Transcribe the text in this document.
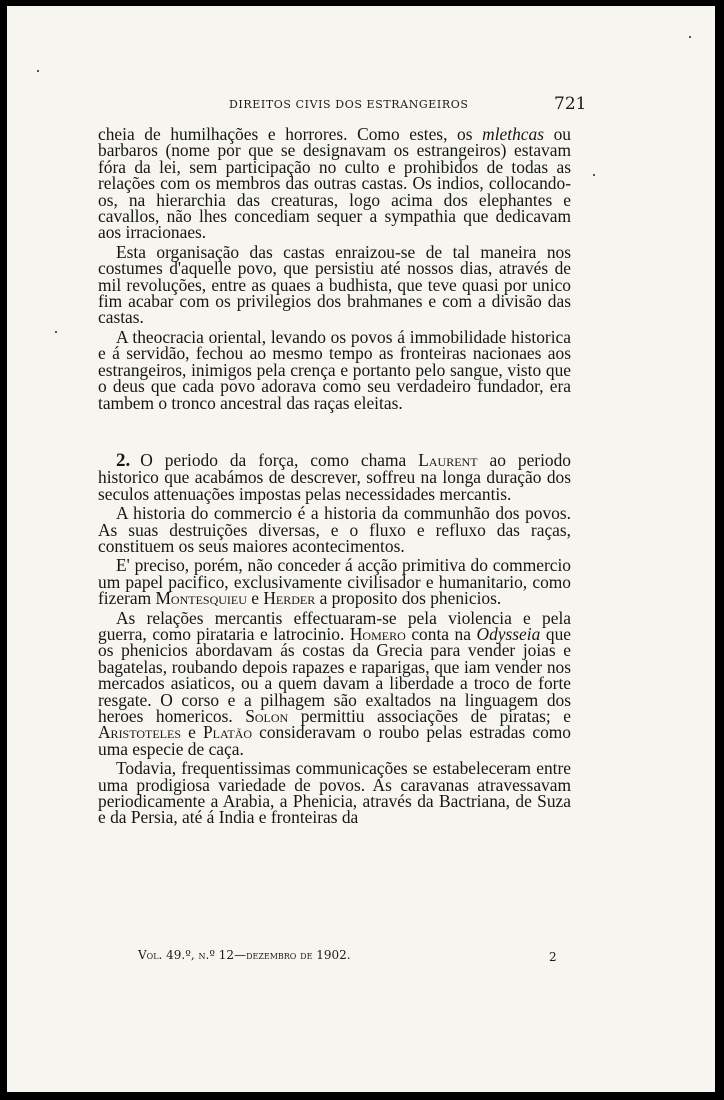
DIREITOS CIVIS DOS ESTRANGEIROS	721

cheia de humilhações e horrores. Como estes, os mlethcas ou barbaros (nome por que se designavam os estrangeiros) estavam fóra da lei, sem participação no culto e prohibidos de todas as relações com os membros das outras castas. Os indios, collocando-os, na hierarchia das creaturas, logo acima dos elephantes e cavallos, não lhes concediam sequer a sympathia que dedicavam aos irracionaes.

Esta organisação das castas enraizou-se de tal maneira nos costumes d'aquelle povo, que persistiu até nossos dias, através de mil revoluções, entre as quaes a budhista, que teve quasi por unico fim acabar com os privilegios dos brahmanes e com a divisão das castas.

A theocracia oriental, levando os povos á immobilidade historica e á servidão, fechou ao mesmo tempo as fronteiras nacionaes aos estrangeiros, inimigos pela crença e portanto pelo sangue, visto que o deus que cada povo adorava como seu verdadeiro fundador, era tambem o tronco ancestral das raças eleitas.

2. O periodo da força, como chama Laurent ao periodo historico que acabámos de descrever, soffreu na longa duração dos seculos attenuações impostas pelas necessidades mercantis.

A historia do commercio é a historia da communhão dos povos. As suas destruições diversas, e o fluxo e refluxo das raças, constituem os seus maiores acontecimentos.

E' preciso, porém, não conceder á acção primitiva do commercio um papel pacifico, exclusivamente civilisador e humanitario, como fizeram Montesquieu e Herder a proposito dos phenicios.

As relações mercantis effectuaram-se pela violencia e pela guerra, como pirataria e latrocinio. Homero conta na Odysseia que os phenicios abordavam ás costas da Grecia para vender joias e bagatelas, roubando depois rapazes e raparigas, que iam vender nos mercados asiaticos, ou a quem davam a liberdade a troco de forte resgate. O corso e a pilhagem são exaltados na linguagem dos heroes homericos. Solon permittiu associações de piratas; e Aristoteles e Platão consideravam o roubo pelas estradas como uma especie de caça.

Todavia, frequentissimas communicações se estabeleceram entre uma prodigiosa variedade de povos. As caravanas atravessavam periodicamente a Arabia, a Phenicia, através da Bactriana, de Suza e da Persia, até á India e fronteiras da

Vol. 49.º, n.º 12—dezembro de 1902.	2
